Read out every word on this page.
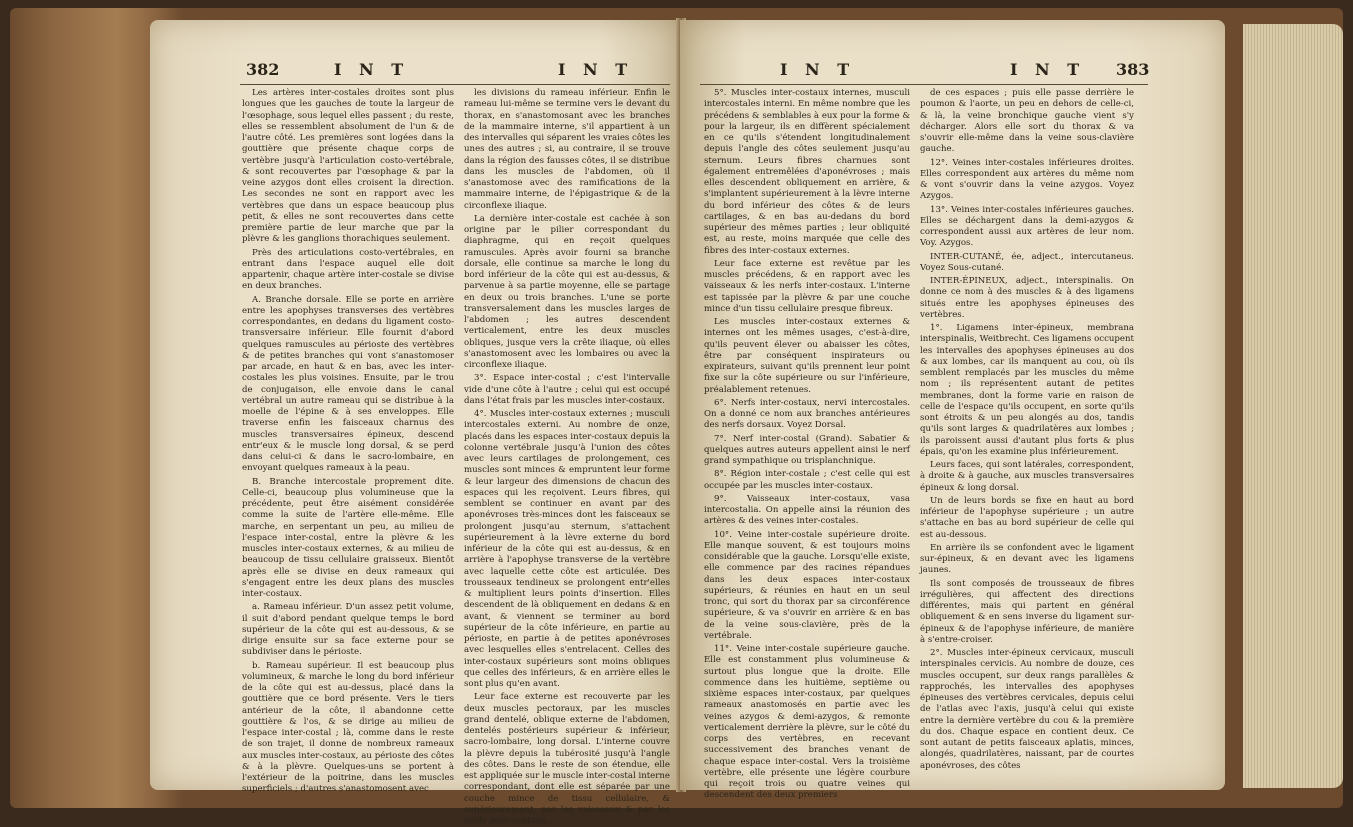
382	I N T	I N T

Les artères inter-costales droites sont plus longues que les gauches de toute la largeur de l'œsophage, sous lequel elles passent ; du reste, elles se ressemblent absolument de l'un & de l'autre côté. Les premières sont logées dans la gouttière que présente chaque corps de vertèbre jusqu'à l'articulation costo-vertébrale, & sont recouvertes par l'œsophage & par la veine azygos dont elles croisent la direction. Les secondes ne sont en rapport avec les vertèbres que dans un espace beaucoup plus petit, & elles ne sont recouvertes dans cette première partie de leur marche que par la plèvre & les ganglions thorachiques seulement.

Près des articulations costo-vertébrales, en entrant dans l'espace auquel elle doit appartenir, chaque artère inter-costale se divise en deux branches.

A. Branche dorsale. Elle se porte en arrière entre les apophyses transverses des vertèbres correspondantes, en dedans du ligament costo-transversaire inférieur. Elle fournit d'abord quelques ramuscules au périoste des vertèbres & de petites branches qui vont s'anastomoser par arcade, en haut & en bas, avec les inter-costales les plus voisines. Ensuite, par le trou de conjugaison, elle envoie dans le canal vertébral un autre rameau qui se distribue à la moelle de l'épine & à ses enveloppes. Elle traverse enfin les faisceaux charnus des muscles transversaires épineux, descend entr'eux & le muscle long dorsal, & se perd dans celui-ci & dans le sacro-lombaire, en envoyant quelques rameaux à la peau.

B. Branche intercostale proprement dite. Celle-ci, beaucoup plus volumineuse que la précédente, peut être aisément considérée comme la suite de l'artère elle-même. Elle marche, en serpentant un peu, au milieu de l'espace inter-costal, entre la plèvre & les muscles inter-costaux externes, & au milieu de beaucoup de tissu cellulaire graisseux. Bientôt après elle se divise en deux rameaux qui s'engagent entre les deux plans des muscles inter-costaux.

a. Rameau inférieur. D'un assez petit volume, il suit d'abord pendant quelque temps le bord supérieur de la côte qui est au-dessous, & se dirige ensuite sur sa face externe pour se subdiviser dans le périoste.

b. Rameau supérieur. Il est beaucoup plus volumineux, & marche le long du bord inférieur de la côte qui est au-dessus, placé dans la gouttière que ce bord présente. Vers le tiers antérieur de la côte, il abandonne cette gouttière & l'os, & se dirige au milieu de l'espace inter-costal ; là, comme dans le reste de son trajet, il donne de nombreux rameaux aux muscles inter-costaux, au périoste des côtes & à la plèvre. Quelques-uns se portent à l'extérieur de la poitrine, dans les muscles superficiels ; d'autres s'anastomosent avec

les divisions du rameau inférieur. Enfin le rameau lui-même se termine vers le devant du thorax, en s'anastomosant avec les branches de la mammaire interne, s'il appartient à un des intervalles qui séparent les vraies côtes les unes des autres ; si, au contraire, il se trouve dans la région des fausses côtes, il se distribue dans les muscles de l'abdomen, où il s'anastomose avec des ramifications de la mammaire interne, de l'épigastrique & de la circonflexe iliaque.

La dernière inter-costale est cachée à son origine par le pilier correspondant du diaphragme, qui en reçoit quelques ramuscules. Après avoir fourni sa branche dorsale, elle continue sa marche le long du bord inférieur de la côte qui est au-dessus, & parvenue à sa partie moyenne, elle se partage en deux ou trois branches. L'une se porte transversalement dans les muscles larges de l'abdomen ; les autres descendent verticalement, entre les deux muscles obliques, jusque vers la crête iliaque, où elles s'anastomosent avec les lombaires ou avec la circonflexe iliaque.

3°. Espace inter-costal ; c'est l'intervalle vide d'une côte à l'autre ; celui qui est occupé dans l'état frais par les muscles inter-costaux.

4°. Muscles inter-costaux externes ; musculi intercostales externi. Au nombre de onze, placés dans les espaces inter-costaux depuis la colonne vertébrale jusqu'à l'union des côtes avec leurs cartilages de prolongement, ces muscles sont minces & empruntent leur forme & leur largeur des dimensions de chacun des espaces qui les reçoivent. Leurs fibres, qui semblent se continuer en avant par des aponévroses très-minces dont les faisceaux se prolongent jusqu'au sternum, s'attachent supérieurement à la lèvre externe du bord inférieur de la côte qui est au-dessus, & en arrière à l'apophyse transverse de la vertèbre avec laquelle cette côte est articulée. Des trousseaux tendineux se prolongent entr'elles & multiplient leurs points d'insertion. Elles descendent de là obliquement en dedans & en avant, & viennent se terminer au bord supérieur de la côte inférieure, en partie au périoste, en partie à de petites aponévroses avec lesquelles elles s'entrelacent. Celles des inter-costaux supérieurs sont moins obliques que celles des inférieurs, & en arrière elles le sont plus qu'en avant.

Leur face externe est recouverte par les deux muscles pectoraux, par les muscles grand dentelé, oblique externe de l'abdomen, dentelés postérieurs supérieur & inférieur, sacro-lombaire, long dorsal. L'interne couvre la plèvre depuis la tubérosité jusqu'à l'angle des côtes. Dans le reste de son étendue, elle est appliquée sur le muscle inter-costal interne correspondant, dont elle est séparée par une couche mince de tissu cellulaire, & supérieurement, par les vaisseaux & par les nerfs inter-costaux.

I N T	I N T 383

5°. Muscles inter-costaux internes, musculi intercostales interni. En même nombre que les précédens & semblables à eux pour la forme & pour la largeur, ils en diffèrent spécialement en ce qu'ils s'étendent longitudinalement depuis l'angle des côtes seulement jusqu'au sternum. Leurs fibres charnues sont également entremêlées d'aponévroses ; mais elles descendent obliquement en arrière, & s'implantent supérieurement à la lèvre interne du bord inférieur des côtes & de leurs cartilages, & en bas au-dedans du bord supérieur des mêmes parties ; leur obliquité est, au reste, moins marquée que celle des fibres des inter-costaux externes.

Leur face externe est revêtue par les muscles précédens, & en rapport avec les vaisseaux & les nerfs inter-costaux. L'interne est tapissée par la plèvre & par une couche mince d'un tissu cellulaire presque fibreux.

Les muscles inter-costaux externes & internes ont les mêmes usages, c'est-à-dire, qu'ils peuvent élever ou abaisser les côtes, être par conséquent inspirateurs ou expirateurs, suivant qu'ils prennent leur point fixe sur la côte supérieure ou sur l'inférieure, préalablement retenues.

6°. Nerfs inter-costaux, nervi intercostales. On a donné ce nom aux branches antérieures des nerfs dorsaux. Voyez Dorsal.

7°. Nerf inter-costal (Grand). Sabatier & quelques autres auteurs appellent ainsi le nerf grand sympathique ou trisplanchnique.

8°. Région inter-costale ; c'est celle qui est occupée par les muscles inter-costaux.

9°. Vaisseaux inter-costaux, vasa intercostalia. On appelle ainsi la réunion des artères & des veines inter-costales.

10°. Veine inter-costale supérieure droite. Elle manque souvent, & est toujours moins considérable que la gauche. Lorsqu'elle existe, elle commence par des racines répandues dans les deux espaces inter-costaux supérieurs, & réunies en haut en un seul tronc, qui sort du thorax par sa circonférence supérieure, & va s'ouvrir en arrière & en bas de la veine sous-clavière, près de la vertébrale.

11°. Veine inter-costale supérieure gauche. Elle est constamment plus volumineuse & surtout plus longue que la droite. Elle commence dans les huitième, septième ou sixième espaces inter-costaux, par quelques rameaux anastomosés en partie avec les veines azygos & demi-azygos, & remonte verticalement derrière la plèvre, sur le côté du corps des vertèbres, en recevant successivement des branches venant de chaque espace inter-costal. Vers la troisième vertèbre, elle présente une légère courbure qui reçoit trois ou quatre veines qui descendent des deux premiers

de ces espaces ; puis elle passe derrière le poumon & l'aorte, un peu en dehors de celle-ci, & là, la veine bronchique gauche vient s'y décharger. Alors elle sort du thorax & va s'ouvrir elle-même dans la veine sous-clavière gauche.

12°. Veines inter-costales inférieures droites. Elles correspondent aux artères du même nom & vont s'ouvrir dans la veine azygos. Voyez Azygos.

13°. Veines inter-costales inférieures gauches. Elles se déchargent dans la demi-azygos & correspondent aussi aux artères de leur nom. Voy. Azygos.

INTER-CUTANÉ, ée, adject., intercutaneus. Voyez Sous-cutané.

INTER-ÉPINEUX, adject., interspinalis. On donne ce nom à des muscles & à des ligamens situés entre les apophyses épineuses des vertèbres.

1°. Ligamens inter-épineux, membrana interspinalis, Weitbrecht. Ces ligamens occupent les intervalles des apophyses épineuses au dos & aux lombes, car ils manquent au cou, où ils semblent remplacés par les muscles du même nom ; ils représentent autant de petites membranes, dont la forme varie en raison de celle de l'espace qu'ils occupent, en sorte qu'ils sont étroits & un peu alongés au dos, tandis qu'ils sont larges & quadrilatères aux lombes ; ils paroissent aussi d'autant plus forts & plus épais, qu'on les examine plus inférieurement.

Leurs faces, qui sont latérales, correspondent, à droite & à gauche, aux muscles transversaires épineux & long dorsal.

Un de leurs bords se fixe en haut au bord inférieur de l'apophyse supérieure ; un autre s'attache en bas au bord supérieur de celle qui est au-dessous.

En arrière ils se confondent avec le ligament sur-épineux, & en devant avec les ligamens jaunes.

Ils sont composés de trousseaux de fibres irrégulières, qui affectent des directions différentes, mais qui partent en général obliquement & en sens inverse du ligament sur-épineux & de l'apophyse inférieure, de manière à s'entre-croiser.

2°. Muscles inter-épineux cervicaux, musculi interspinales cervicis. Au nombre de douze, ces muscles occupent, sur deux rangs parallèles & rapprochés, les intervalles des apophyses épineuses des vertèbres cervicales, depuis celui de l'atlas avec l'axis, jusqu'à celui qui existe entre la dernière vertèbre du cou & la première du dos. Chaque espace en contient deux. Ce sont autant de petits faisceaux aplatis, minces, alongés, quadrilatères, naissant, par de courtes aponévroses, des côtes
